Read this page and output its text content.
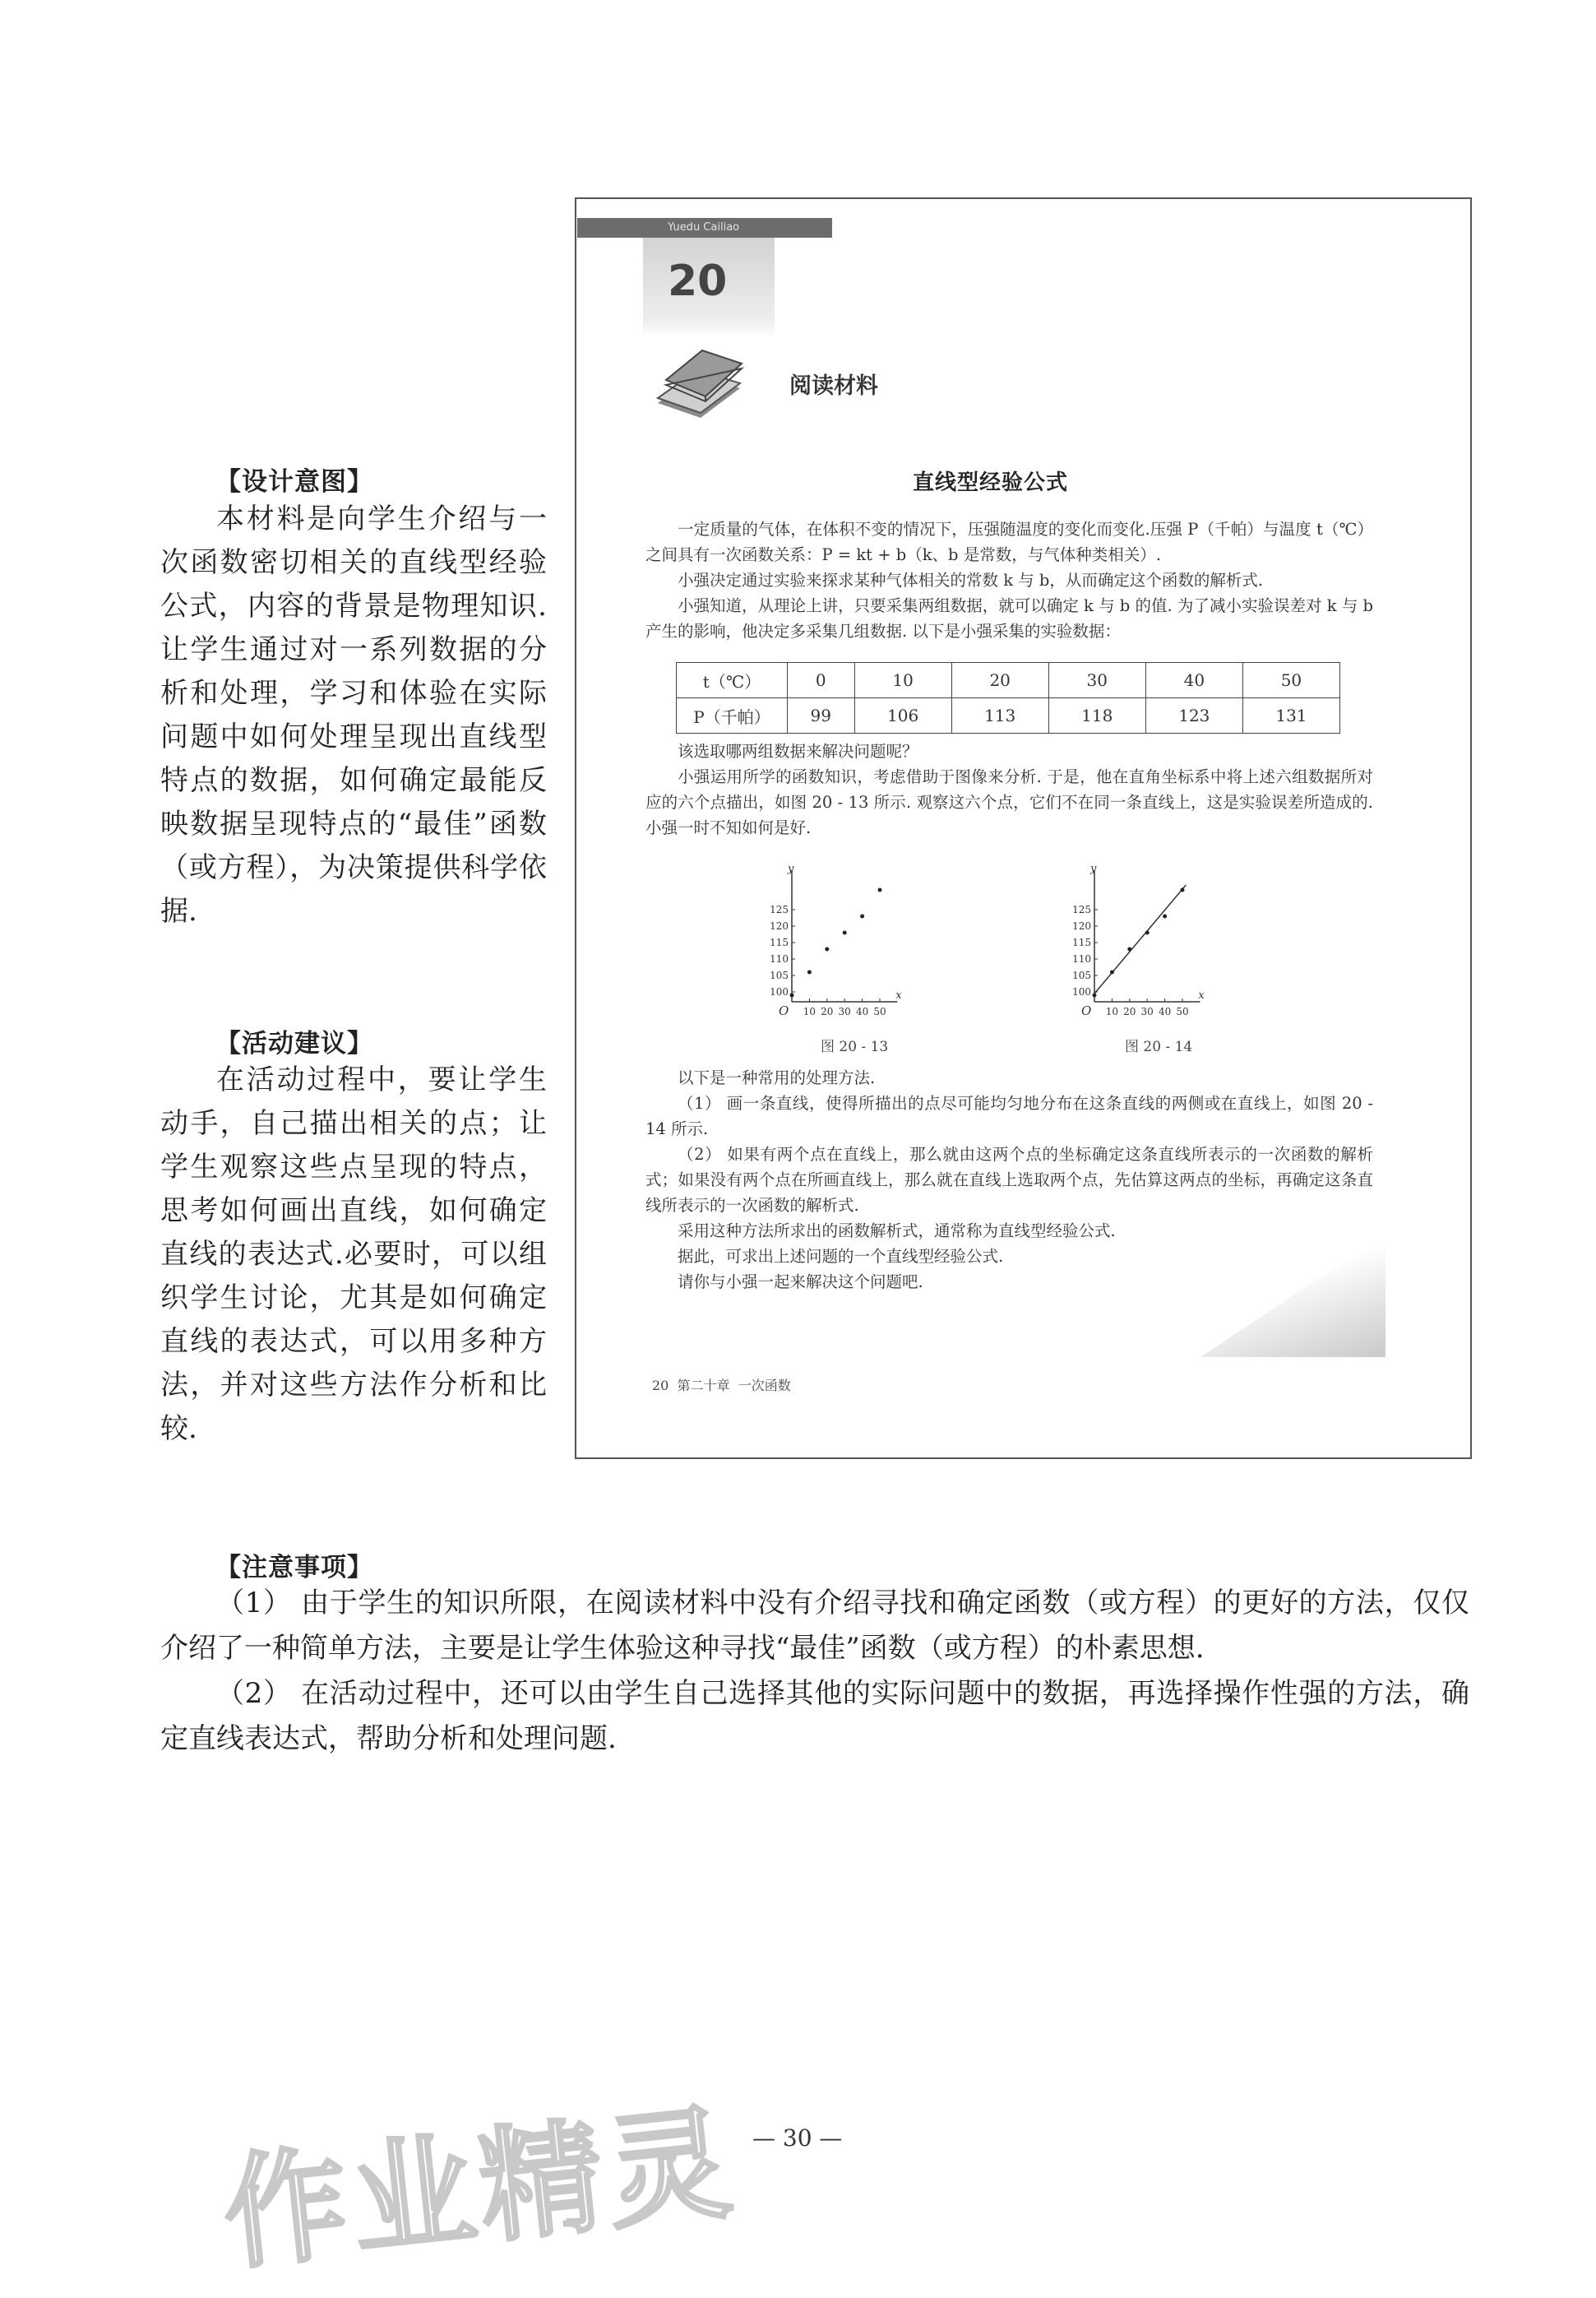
【设计意图】
本材料是向学生介绍与一次函数密切相关的直线型经验公式，内容的背景是物理知识.让学生通过对一系列数据的分析和处理，学习和体验在实际问题中如何处理呈现出直线型特点的数据，如何确定最能反映数据呈现特点的“最佳”函数（或方程），为决策提供科学依据.
【活动建议】
在活动过程中，要让学生动手，自己描出相关的点；让学生观察这些点呈现的特点，思考如何画出直线，如何确定直线的表达式.必要时，可以组织学生讨论，尤其是如何确定直线的表达式，可以用多种方法，并对这些方法作分析和比较.
Yuedu Cailiao
20
阅读材料
直线型经验公式
一定质量的气体，在体积不变的情况下，压强随温度的变化而变化.压强 P（千帕）与温度 t（℃）之间具有一次函数关系：P = kt + b（k、b 是常数，与气体种类相关）.
小强决定通过实验来探求某种气体相关的常数 k 与 b，从而确定这个函数的解析式.
小强知道，从理论上讲，只要采集两组数据，就可以确定 k 与 b 的值. 为了减小实验误差对 k 与 b 产生的影响，他决定多采集几组数据. 以下是小强采集的实验数据：
t（℃）	0	10	20	30	40	50
P（千帕）	99	106	113	118	123	131
该选取哪两组数据来解决问题呢？
小强运用所学的函数知识，考虑借助于图像来分析. 于是，他在直角坐标系中将上述六组数据所对应的六个点描出，如图 20 - 13 所示. 观察这六个点，它们不在同一条直线上，这是实验误差所造成的. 小强一时不知如何是好.
y
x
O 10 20 30 40 50
100
105
110
115
120
125
y
x
O 10 20 30 40 50
100
105
110
115
120
125
图 20 - 13	图 20 - 14
以下是一种常用的处理方法.
（1） 画一条直线，使得所描出的点尽可能均匀地分布在这条直线的两侧或在直线上，如图 20 - 14 所示.
（2） 如果有两个点在直线上，那么就由这两个点的坐标确定这条直线所表示的一次函数的解析式；如果没有两个点在所画直线上，那么就在直线上选取两个点，先估算这两点的坐标，再确定这条直线所表示的一次函数的解析式.
采用这种方法所求出的函数解析式，通常称为直线型经验公式.
据此，可求出上述问题的一个直线型经验公式.
请你与小强一起来解决这个问题吧.
20  第二十章  一次函数
【注意事项】
（1） 由于学生的知识所限，在阅读材料中没有介绍寻找和确定函数（或方程）的更好的方法，仅仅介绍了一种简单方法，主要是让学生体验这种寻找“最佳”函数（或方程）的朴素思想.
（2） 在活动过程中，还可以由学生自己选择其他的实际问题中的数据，再选择操作性强的方法，确定直线表达式，帮助分析和处理问题.
— 30 —
作业精灵
